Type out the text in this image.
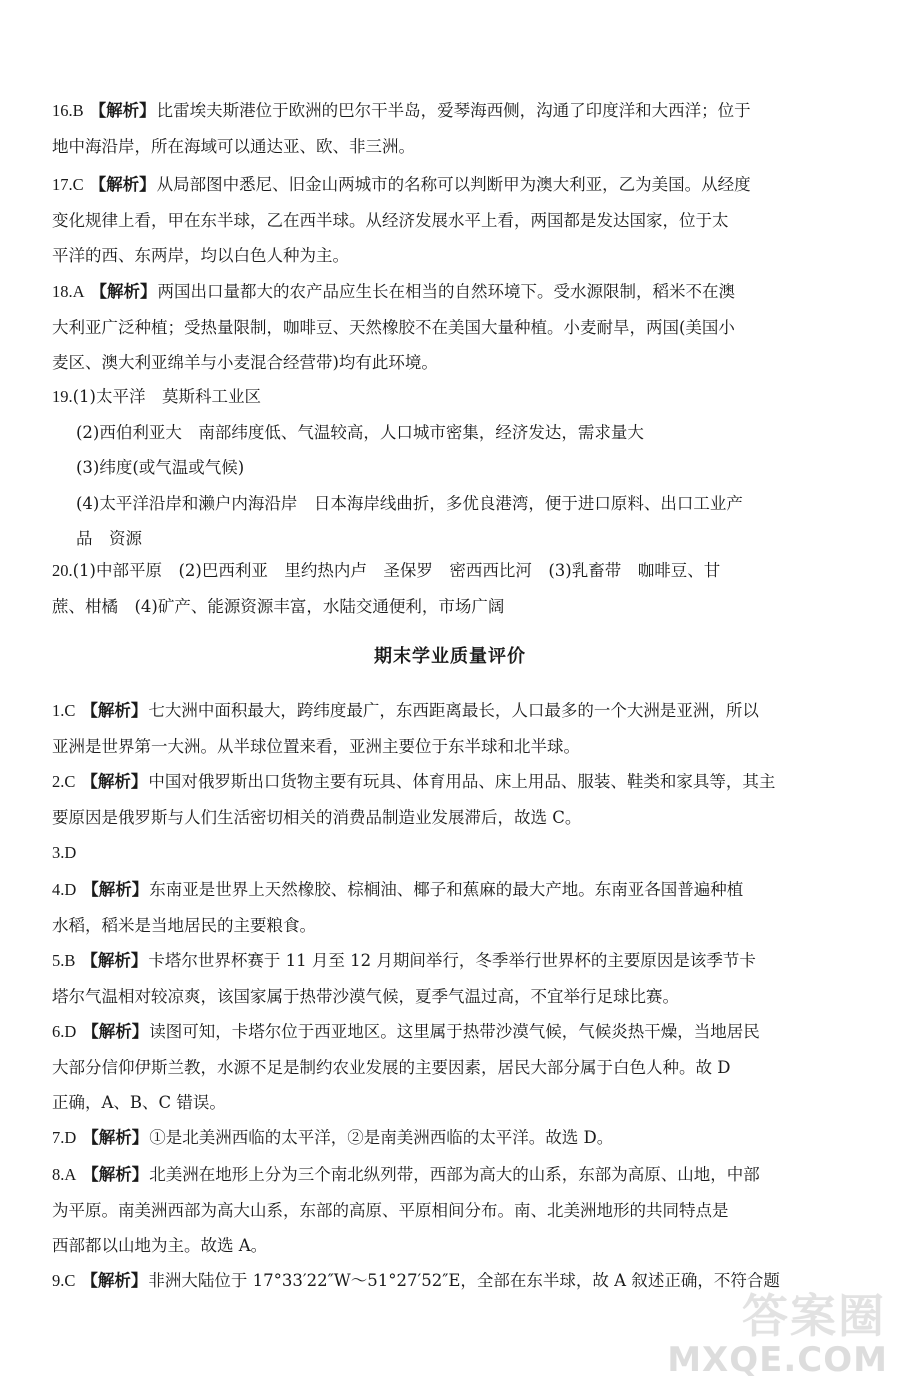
16.B 【解析】比雷埃夫斯港位于欧洲的巴尔干半岛，爱琴海西侧，沟通了印度洋和大西洋；位于
地中海沿岸，所在海域可以通达亚、欧、非三洲。
17.C 【解析】从局部图中悉尼、旧金山两城市的名称可以判断甲为澳大利亚，乙为美国。从经度
变化规律上看，甲在东半球，乙在西半球。从经济发展水平上看，两国都是发达国家，位于太
平洋的西、东两岸，均以白色人种为主。
18.A 【解析】两国出口量都大的农产品应生长在相当的自然环境下。受水源限制，稻米不在澳
大利亚广泛种植；受热量限制，咖啡豆、天然橡胶不在美国大量种植。小麦耐旱，两国(美国小
麦区、澳大利亚绵羊与小麦混合经营带)均有此环境。
19.(1)太平洋　莫斯科工业区
(2)西伯利亚大　南部纬度低、气温较高，人口城市密集，经济发达，需求量大
(3)纬度(或气温或气候)
(4)太平洋沿岸和濑户内海沿岸　日本海岸线曲折，多优良港湾，便于进口原料、出口工业产
品　资源
20.(1)中部平原　(2)巴西利亚　里约热内卢　圣保罗　密西西比河　(3)乳畜带　咖啡豆、甘
蔗、柑橘　(4)矿产、能源资源丰富，水陆交通便利，市场广阔
期末学业质量评价
1.C 【解析】七大洲中面积最大，跨纬度最广，东西距离最长，人口最多的一个大洲是亚洲，所以
亚洲是世界第一大洲。从半球位置来看，亚洲主要位于东半球和北半球。
2.C 【解析】中国对俄罗斯出口货物主要有玩具、体育用品、床上用品、服装、鞋类和家具等，其主
要原因是俄罗斯与人们生活密切相关的消费品制造业发展滞后，故选 C。
3.D
4.D 【解析】东南亚是世界上天然橡胶、棕榈油、椰子和蕉麻的最大产地。东南亚各国普遍种植
水稻，稻米是当地居民的主要粮食。
5.B 【解析】卡塔尔世界杯赛于 11 月至 12 月期间举行，冬季举行世界杯的主要原因是该季节卡
塔尔气温相对较凉爽，该国家属于热带沙漠气候，夏季气温过高，不宜举行足球比赛。
6.D 【解析】读图可知，卡塔尔位于西亚地区。这里属于热带沙漠气候，气候炎热干燥，当地居民
大部分信仰伊斯兰教，水源不足是制约农业发展的主要因素，居民大部分属于白色人种。故 D
正确，A、B、C 错误。
7.D 【解析】①是北美洲西临的太平洋，②是南美洲西临的太平洋。故选 D。
8.A 【解析】北美洲在地形上分为三个南北纵列带，西部为高大的山系，东部为高原、山地，中部
为平原。南美洲西部为高大山系，东部的高原、平原相间分布。南、北美洲地形的共同特点是
西部都以山地为主。故选 A。
9.C 【解析】非洲大陆位于 17°33′22″W～51°27′52″E，全部在东半球，故 A 叙述正确，不符合题
答案圈
MXQE.COM
